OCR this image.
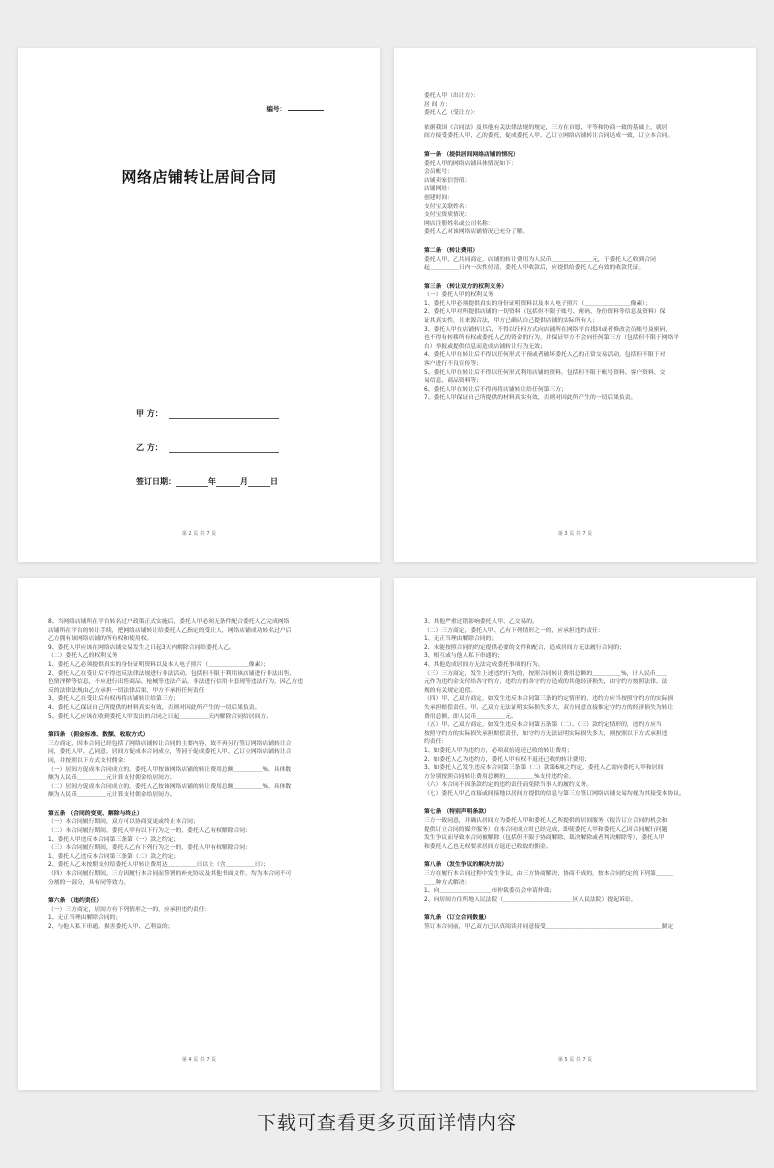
编号：
网络店铺转让居间合同
甲 方：
乙 方：
签订日期：	年	月	日
第 2 页 共 7 页
委托人甲（出让方）：
居 间 方：
委托人乙（受让方）：
依据我国《合同法》及其他有关法律法规的规定，三方在自愿、平等和协商一致的基础上，就居
间方接受委托人甲、乙的委托，促成委托人甲、乙订立网络店铺转让合同达成一致，订立本合同。
第一条 （提供居间网络店铺的情况）
委托人甲的网络店铺具体情况如下：
会员帐号：
店铺卖家信誉值：
店铺网址：
创建时间：
支付宝关联姓名：
支付宝资质情况：
网店注册姓名或公司名称：
委托人乙对该网络店铺情况已充分了解。
第二条 （转让费用）
委托人甲、乙共同商定，店铺的转让费用为人民币＿＿＿＿＿＿＿元，于委托人乙收到合同
起＿＿＿＿＿日内一次性付清，委托人甲收款后，应提供给委托人乙有效的收款凭证。
第三条 （转让双方的权利义务）
（一）委托人甲的权利义务
1、委托人甲必须提供真实的身份证明资料以及本人电子照片（＿＿＿＿＿＿＿＿像素）；
2、委托人甲对所提供店铺的一切资料（包括但不限于账号、密码、身份资料等信息及资料）保
证其真实性，且来源合法，甲方已确认自己提供店铺的实际所有人；
3、委托人甲在店铺转让后，不得以任何方式向店铺所在网络平台找回或者修改会员帐号及密码，
也不得有转移所有权或委托人乙的资金的行为，并保证甲方不会向任何第三方（包括但不限于网络平
台）举报或提供信息而造成店铺转让行为无效；
4、委托人甲在转让后不得以任何形式干预或者破坏委托人乙的正常交易活动，包括但不限于对
客户进行不良宣传等；
5、委托人甲在转让后不得以任何形式利用店铺的资料，包括但不限于帐号资料、客户资料、交
易信息、商品资料等；
6、委托人甲在转让后不得再将店铺转让给任何第三方；
7、委托人甲保证自己所提供的材料真实有效，否则对因此所产生的一切后果负责。
第 3 页 共 7 页
8、当网络店铺所在平台转名过户政策正式实施后，委托人甲必须无条件配合委托人乙完成网络
店铺所在平台的转让手续，把网络店铺转让给委托人乙指定的受让人，网络店铺成功转名过户后
乙方拥有该网络店铺的所有权和使用权。
9、委托人甲应该在网络店铺交易发生之日起3天内解除合同给委托人乙。
（二）委托人乙的权利义务
1、委托人乙必须提供真实的身份证明资料以及本人电子照片（＿＿＿＿＿＿＿像素）；
2、委托人乙在受让后不得违反法律法规进行非法活动，包括但不限于利用该店铺进行非法出售、
色情淫秽等信息，不应进行出售商品、枪械等违法产品，非法进行信用卡套现等违法行为，因乙方违
反的法律法规由乙方承担一切法律后果，甲方不承担任何责任
3、委托人乙在受让后有权再将店铺转让给第三方；
4、委托人乙保证自己所提供的材料真实有效，否则对因此所产生的一切后果负责。
5、委托人乙应该在收到委托人甲发出的合同之日起＿＿＿＿＿天内解除合同给居间方。
第四条 （佣金标准、数额、收取方式）
三方商定，因本合同已经包括了网络店铺转让合同的主要内容，故不再另行签订网络店铺转让合
同，委托人甲、乙同意，居间方促成本合同成立，等同于促成委托人甲、乙订立网络店铺转让合
同，并按照以下方式支付佣金：
（一）居间方促成本合同成立的，委托人甲按该网络店铺的转让费用总额＿＿＿＿＿%，具体数
额为人民币＿＿＿＿＿元计算支付佣金给居间方。
（二）居间方促成本合同成立的，委托人乙按该网络店铺的转让费用总额＿＿＿＿＿%，具体数
额为人民币＿＿＿＿＿元计算支付佣金给居间方。
第五条 （合同的变更、解除与终止）
（一）本合同履行期间，双方可以协商变更或终止本合同；
（二）本合同履行期间，委托人甲有以下行为之一的，委托人乙有权解除合同：
1、委托人甲违反本合同第三条第（一）款之约定；
（三）本合同履行期间，委托人乙有下列行为之一的，委托人甲有权解除合同：
1、委托人乙违反本合同第三条第（二）款之约定；
2、委托人乙未按期支付给委托人甲转让费用达＿＿＿＿＿日以上（含＿＿＿＿＿日）；
（四）本合同履行期间，三方因履行本合同而签署的补充协议及其他书面文件，均为本合同不可
分割的一部分，具有同等效力。
第六条 （违约责任）
（一）三方商定，居间方有下列情形之一的，应承担违约责任：
1、无正当理由解除合同的；
2、与他人私下串通，损害委托人甲、乙利益的；
第 4 页 共 7 页
3、其他严重过错影响委托人甲、乙交易的。
（二）三方商定，委托人甲、乙有下列情形之一的，应承担违约责任：
1、无正当理由解除合同的；
2、未能按照合同的约定提供必要的文件和配合，造成居间方无法履行合同的；
3、相互或与他人私下串通的；
4、其他造成居间方无法完成委托事项的行为。
（三）三方商定，发生上述违约行为的，按照合同转让费用总额的＿＿＿＿＿%，计人民币＿＿
元作为违约金支付给各守约方，违约方的各守约方造成的其他经济损失，由守约方按照法律、法
规的有关规定追偿。
（四）甲、乙双方商定，如发生违反本合同第三条的约定情形的，违约方应当按照守约方的实际损
失承担赔偿责任。甲、乙双方无法证明实际损失多大，双方同意直接推定守约方的经济损失为转让
费用总额，即人民币＿＿＿＿＿元。
（五）甲、乙双方商定，如发生违反本合同第五条第（二）、（三）款约定情形的，违约方应当
按照守约方的实际损失承担赔偿责任，如守约方无法证明实际损失多大，则按照以下方式承担违
约责任：
1、如委托人甲为违约方，必须双倍返还已收的转让费用；
2、如委托人乙为违约方，委托人甲有权不退还已收的转让费用；
3、如委托人乙发生违反本合同第三条第（二）款第6项之约定，委托人乙需向委托人甲和居间
方分别按照合同转让费用总额的＿＿＿＿＿%支付违约金。
（六）本合同不因条款约定的违约责任而免除当事人的履约义务。
（七）委托人甲乙直接或间接地以居间方提供的信息与第三方签订网络店铺交易均视为其接受本协议。
第七条 （特别声明条款）
三方一致同意，并确认居间方为委托人甲和委托人乙所提供的居间服务（报告订立合同的机会和
提供订立合同的媒介服务）在本合同成立时已经完成，即使委托人甲和委托人乙因合同履行问题
发生争议而导致本合同被解除（包括但不限于协商解除、裁决解除或者判决解除等），委托人甲
和委托人乙也无权要求居间方退还已收取的佣金。
第八条 （发生争议的解决方法）
三方在履行本合同过程中发生争议，由三方协商解决，协商不成的，按本合同约定的下列第＿＿＿
＿＿种方式解决：
1、向＿＿＿＿＿＿＿＿＿市仲裁委员会申请仲裁；
2、向居间方住所地人民法院（＿＿＿＿＿＿＿＿＿＿＿＿区人民法院）提起诉讼。
第九条 （订立合同数量）
签订本合同前，甲乙双方已认真阅读并同意接受＿＿＿＿＿＿＿＿＿＿＿＿＿＿＿＿＿＿＿＿制定
第 5 页 共 7 页
下载可查看更多页面详情内容
